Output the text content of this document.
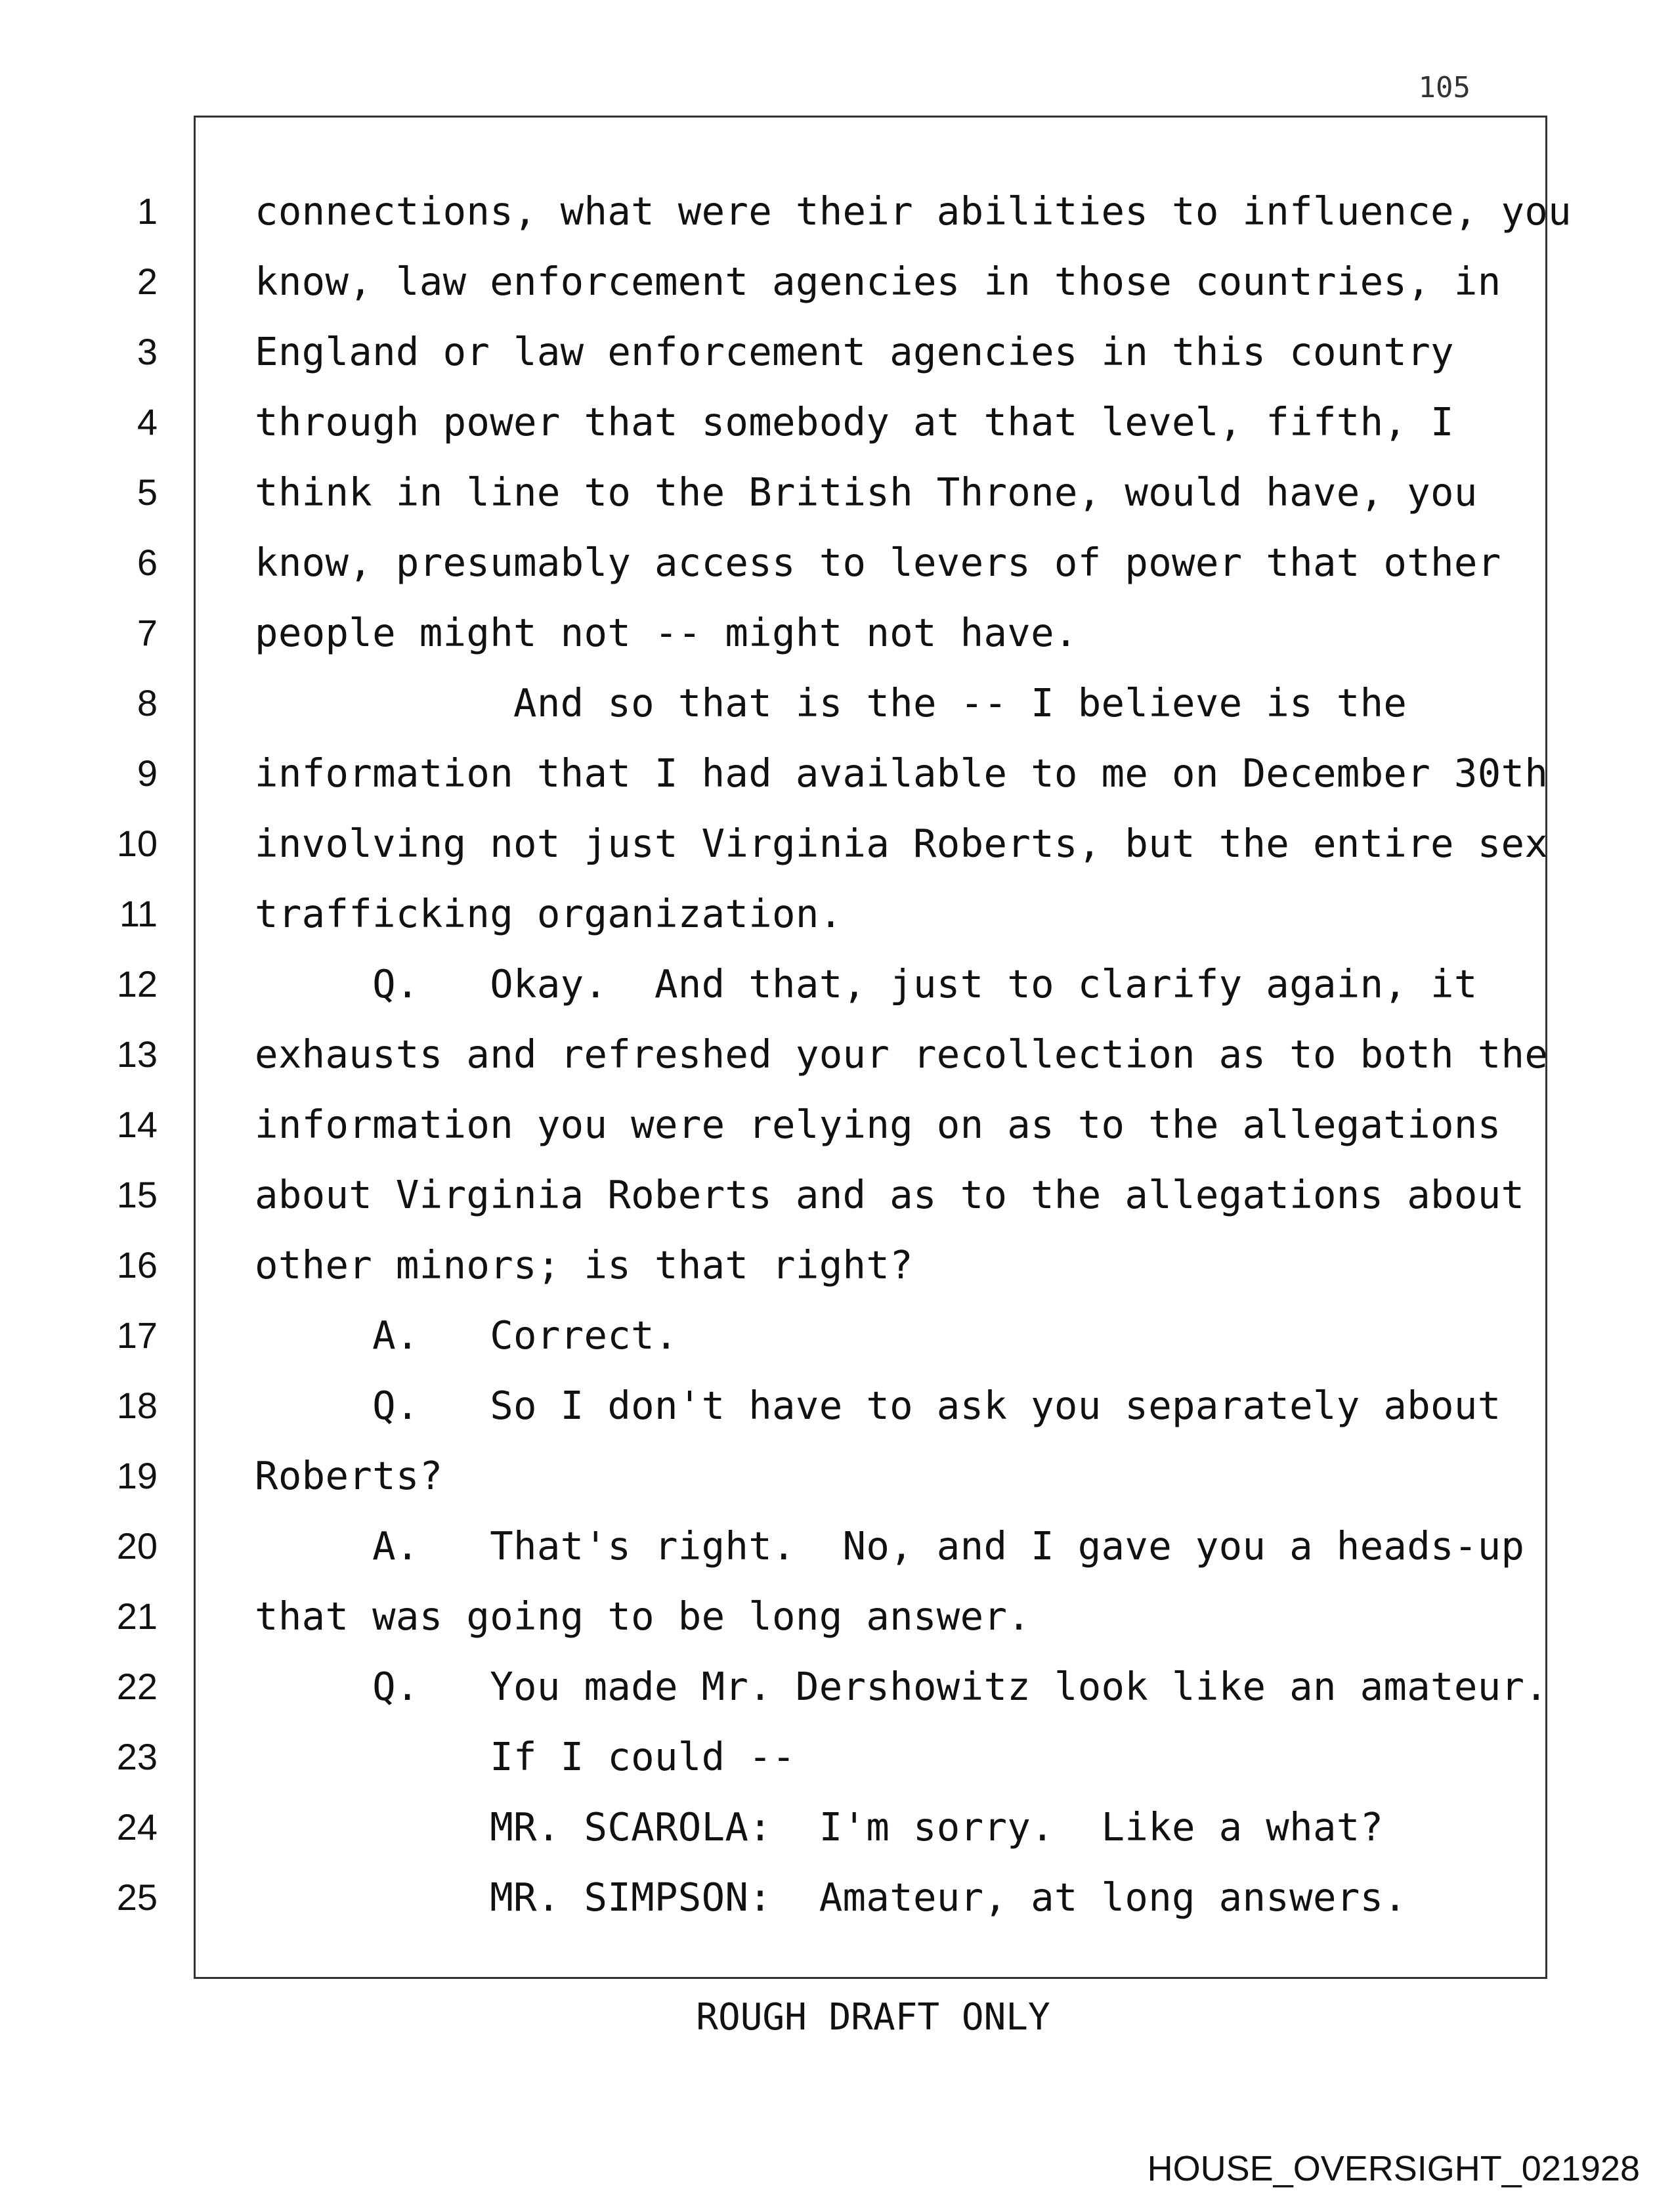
105
1	connections, what were their abilities to influence, you
2	know, law enforcement agencies in those countries, in
3	England or law enforcement agencies in this country
4	through power that somebody at that level, fifth, I
5	think in line to the British Throne, would have, you
6	know, presumably access to levers of power that other
7	people might not -- might not have.
8	And so that is the -- I believe is the
9	information that I had available to me on December 30th
10	involving not just Virginia Roberts, but the entire sex
11	trafficking organization.
12	Q.   Okay.  And that, just to clarify again, it
13	exhausts and refreshed your recollection as to both the
14	information you were relying on as to the allegations
15	about Virginia Roberts and as to the allegations about
16	other minors; is that right?
17	A.   Correct.
18	Q.   So I don't have to ask you separately about
19	Roberts?
20	A.   That's right.  No, and I gave you a heads-up
21	that was going to be long answer.
22	Q.   You made Mr. Dershowitz look like an amateur.
23	If I could --
24	MR. SCAROLA:  I'm sorry.  Like a what?
25	MR. SIMPSON:  Amateur, at long answers.
ROUGH DRAFT ONLY
HOUSE_OVERSIGHT_021928
